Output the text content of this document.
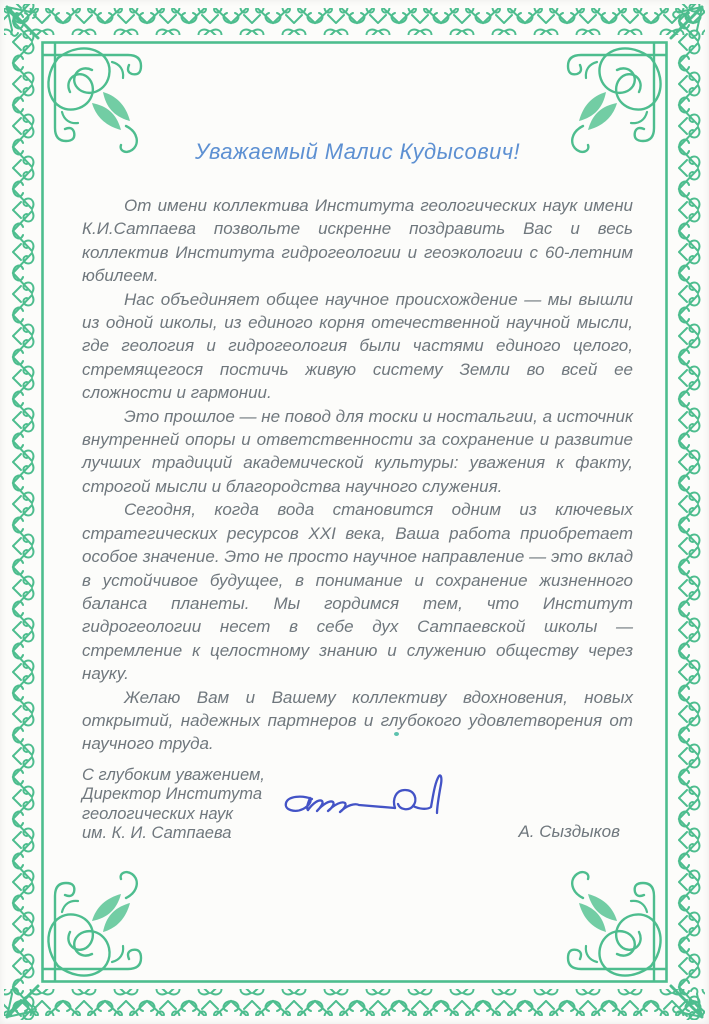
Уважаемый Малис Кудысович!

От имени коллектива Института геологических наук имени
К.И.Сатпаева позвольте искренне поздравить Вас и весь
коллектив Института гидрогеологии и геоэкологии с 60-летним
юбилеем.

Нас объединяет общее научное происхождение — мы вышли
из одной школы, из единого корня отечественной научной мысли,
где геология и гидрогеология были частями единого целого,
стремящегося постичь живую систему Земли во всей ее
сложности и гармонии.

Это прошлое — не повод для тоски и ностальгии, а источник
внутренней опоры и ответственности за сохранение и развитие
лучших традиций академической культуры: уважения к факту,
строгой мысли и благородства научного служения.

Сегодня, когда вода становится одним из ключевых
стратегических ресурсов XXI века, Ваша работа приобретает
особое значение. Это не просто научное направление — это вклад
в устойчивое будущее, в понимание и сохранение жизненного
баланса планеты. Мы гордимся тем, что Институт
гидрогеологии несет в себе дух Сатпаевской школы —
стремление к целостному знанию и служению обществу через
науку.

Желаю Вам и Вашему коллективу вдохновения, новых
открытий, надежных партнеров и глубокого удовлетворения от
научного труда.

С глубоким уважением,
Директор Института
геологических наук
им. К. И. Сатпаева	А. Сыздыков
